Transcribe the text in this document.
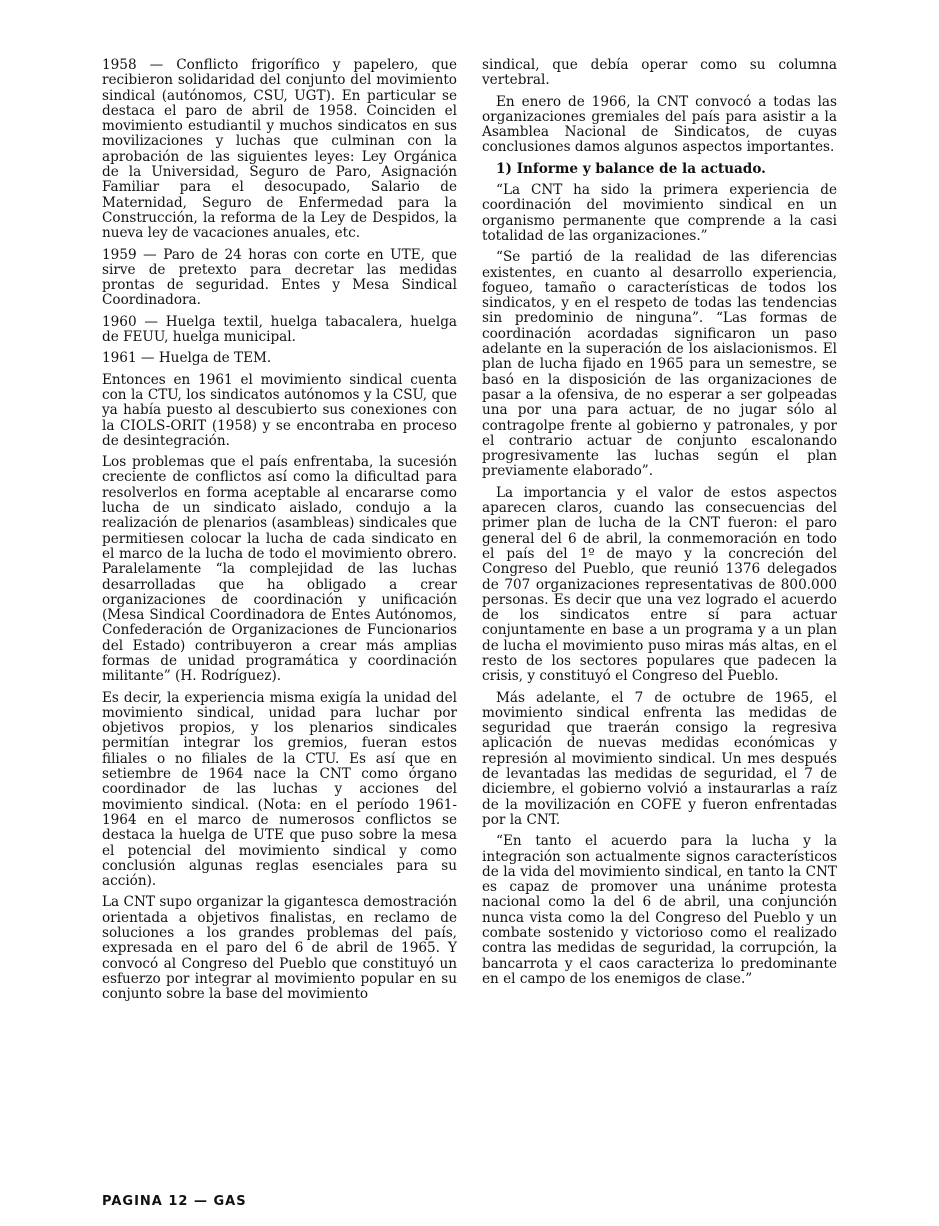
1958 — Conflicto frigorífico y papelero, que recibieron solidaridad del conjunto del movimiento sindical (autónomos, CSU, UGT). En particular se destaca el paro de abril de 1958. Coinciden el movimiento estudiantil y muchos sindicatos en sus movilizaciones y luchas que culminan con la aprobación de las siguientes leyes: Ley Orgánica de la Universidad, Seguro de Paro, Asignación Familiar para el desocupado, Salario de Maternidad, Seguro de Enfermedad para la Construcción, la reforma de la Ley de Despidos, la nueva ley de vacaciones anuales, etc.

1959 — Paro de 24 horas con corte en UTE, que sirve de pretexto para decretar las medidas prontas de seguridad. Entes y Mesa Sindical Coordinadora.

1960 — Huelga textil, huelga tabacalera, huelga de FEUU, huelga municipal.

1961 — Huelga de TEM.

Entonces en 1961 el movimiento sindical cuenta con la CTU, los sindicatos autónomos y la CSU, que ya había puesto al descubierto sus conexiones con la CIOLS-ORIT (1958) y se encontraba en proceso de desintegración.

Los problemas que el país enfrentaba, la sucesión creciente de conflictos así como la dificultad para resolverlos en forma aceptable al encararse como lucha de un sindicato aislado, condujo a la realización de plenarios (asambleas) sindicales que permitiesen colocar la lucha de cada sindicato en el marco de la lucha de todo el movimiento obrero. Paralelamente “la complejidad de las luchas desarrolladas que ha obligado a crear organizaciones de coordinación y unificación (Mesa Sindical Coordinadora de Entes Autónomos, Confederación de Organizaciones de Funcionarios del Estado) contribuyeron a crear más amplias formas de unidad programática y coordinación militante” (H. Rodríguez).

Es decir, la experiencia misma exigía la unidad del movimiento sindical, unidad para luchar por objetivos propios, y los plenarios sindicales permitían integrar los gremios, fueran estos filiales o no filiales de la CTU. Es así que en setiembre de 1964 nace la CNT como órgano coordinador de las luchas y acciones del movimiento sindical. (Nota: en el período 1961-1964 en el marco de numerosos conflictos se destaca la huelga de UTE que puso sobre la mesa el potencial del movimiento sindical y como conclusión algunas reglas esenciales para su acción).

La CNT supo organizar la gigantesca demostración orientada a objetivos finalistas, en reclamo de soluciones a los grandes problemas del país, expresada en el paro del 6 de abril de 1965. Y convocó al Congreso del Pueblo que constituyó un esfuerzo por integrar al movimiento popular en su conjunto sobre la base del movimiento

sindical, que debía operar como su columna vertebral.

En enero de 1966, la CNT convocó a todas las organizaciones gremiales del país para asistir a la Asamblea Nacional de Sindicatos, de cuyas conclusiones damos algunos aspectos importantes.

1) Informe y balance de la actuado.

“La CNT ha sido la primera experiencia de coordinación del movimiento sindical en un organismo permanente que comprende a la casi totalidad de las organizaciones.”

“Se partió de la realidad de las diferencias existentes, en cuanto al desarrollo experiencia, fogueo, tamaño o características de todos los sindicatos, y en el respeto de todas las tendencias sin predominio de ninguna”. “Las formas de coordinación acordadas significaron un paso adelante en la superación de los aislacionismos. El plan de lucha fijado en 1965 para un semestre, se basó en la disposición de las organizaciones de pasar a la ofensiva, de no esperar a ser golpeadas una por una para actuar, de no jugar sólo al contragolpe frente al gobierno y patronales, y por el contrario actuar de conjunto escalonando progresivamente las luchas según el plan previamente elaborado”.

La importancia y el valor de estos aspectos aparecen claros, cuando las consecuencias del primer plan de lucha de la CNT fueron: el paro general del 6 de abril, la conmemoración en todo el país del 1º de mayo y la concreción del Congreso del Pueblo, que reunió 1376 delegados de 707 organizaciones representativas de 800.000 personas. Es decir que una vez logrado el acuerdo de los sindicatos entre sí para actuar conjuntamente en base a un programa y a un plan de lucha el movimiento puso miras más altas, en el resto de los sectores populares que padecen la crisis, y constituyó el Congreso del Pueblo.

Más adelante, el 7 de octubre de 1965, el movimiento sindical enfrenta las medidas de seguridad que traerán consigo la regresiva aplicación de nuevas medidas económicas y represión al movimiento sindical. Un mes después de levantadas las medidas de seguridad, el 7 de diciembre, el gobierno volvió a instaurarlas a raíz de la movilización en COFE y fueron enfrentadas por la CNT.

“En tanto el acuerdo para la lucha y la integración son actualmente signos característicos de la vida del movimiento sindical, en tanto la CNT es capaz de promover una unánime protesta nacional como la del 6 de abril, una conjunción nunca vista como la del Congreso del Pueblo y un combate sostenido y victorioso como el realizado contra las medidas de seguridad, la corrupción, la bancarrota y el caos caracteriza lo predominante en el campo de los enemigos de clase.”

PAGINA 12 — GAS
